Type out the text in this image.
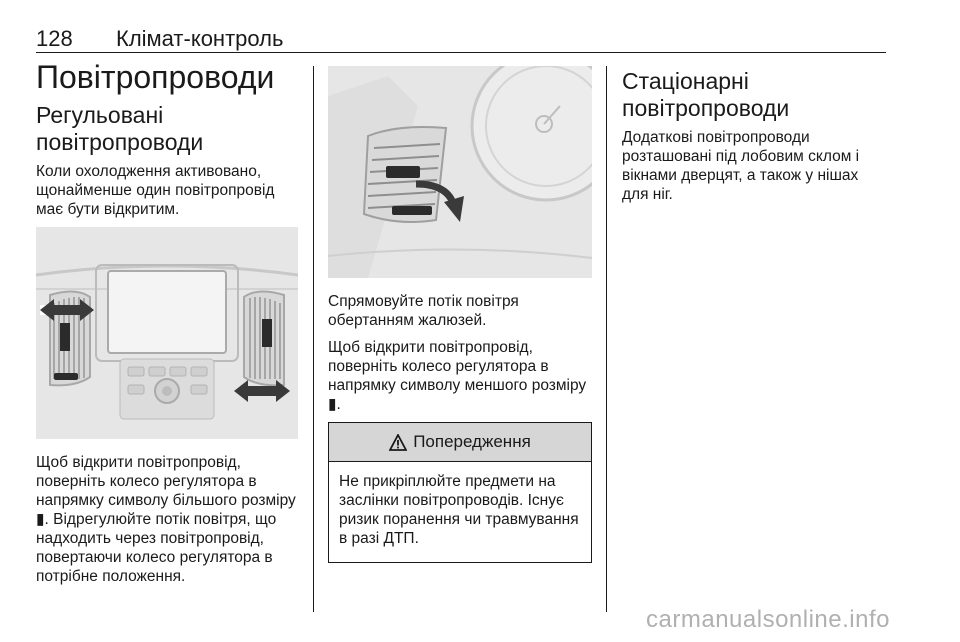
128 Клімат-контроль
Повітропроводи
Регульовані повітропроводи

Коли охолодження активовано, щонайменше один повітропровід має бути відкритим.

Щоб відкрити повітропровід, поверніть колесо регулятора в напрямку символу більшого розміру ▮. Відрегулюйте потік повітря, що надходить через повітропровід, повертаючи колесо регулятора в потрібне положення.

Спрямовуйте потік повітря обертанням жалюзей.

Щоб відкрити повітропровід, поверніть колесо регулятора в напрямку символу меншого розміру ▮.

Попередження

Не прикріплюйте предмети на заслінки повітропроводів. Існує ризик поранення чи травмування в разі ДТП.

Стаціонарні повітропроводи

Додаткові повітропроводи розташовані під лобовим склом і вікнами дверцят, а також у нішах для ніг.

carmanualsonline.info
